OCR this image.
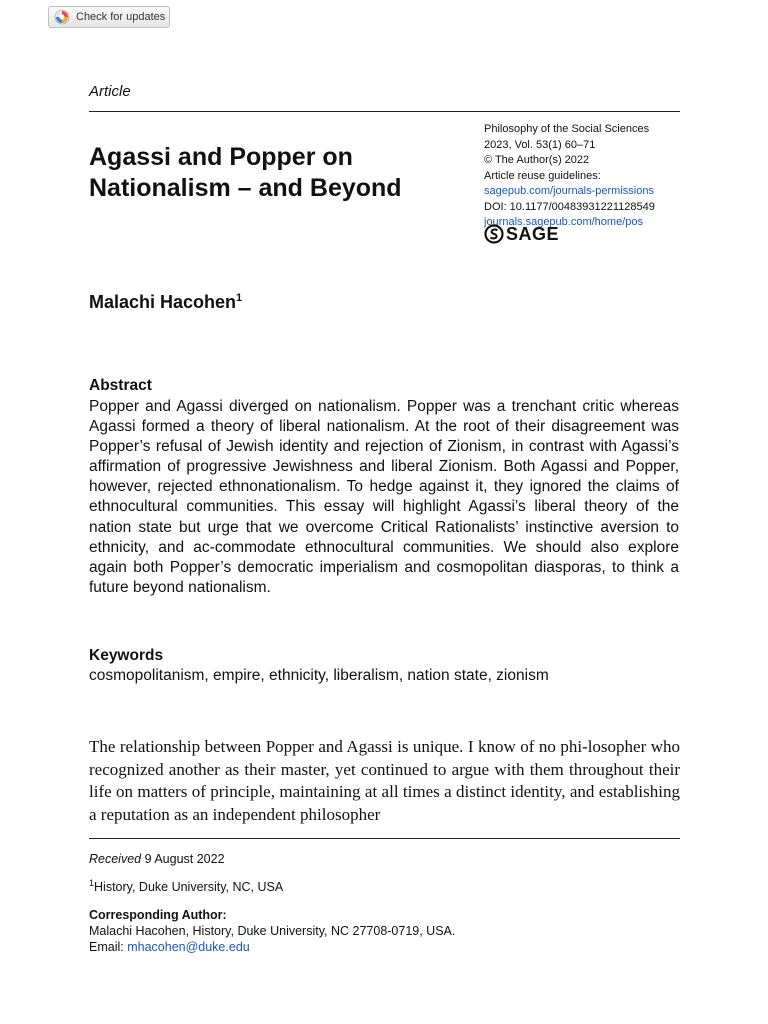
Check for updates
Article
Agassi and Popper on Nationalism – and Beyond
Philosophy of the Social Sciences
2023, Vol. 53(1) 60–71
© The Author(s) 2022
Article reuse guidelines:
sagepub.com/journals-permissions
DOI: 10.1177/00483931221128549
journals.sagepub.com/home/pos
SAGE
Malachi Hacohen$^1$
Abstract
Popper and Agassi diverged on nationalism. Popper was a trenchant critic whereas Agassi formed a theory of liberal nationalism. At the root of their disagreement was Popper’s refusal of Jewish identity and rejection of Zionism, in contrast with Agassi’s affirmation of progressive Jewishness and liberal Zionism. Both Agassi and Popper, however, rejected ethnonationalism. To hedge against it, they ignored the claims of ethnocultural communities. This essay will highlight Agassi’s liberal theory of the nation state but urge that we overcome Critical Rationalists’ instinctive aversion to ethnicity, and ac-commodate ethnocultural communities. We should also explore again both Popper’s democratic imperialism and cosmopolitan diasporas, to think a future beyond nationalism.
Keywords
cosmopolitanism, empire, ethnicity, liberalism, nation state, zionism
The relationship between Popper and Agassi is unique. I know of no phi-losopher who recognized another as their master, yet continued to argue with them throughout their life on matters of principle, maintaining at all times a distinct identity, and establishing a reputation as an independent philosopher
Received 9 August 2022
$^1$History, Duke University, NC, USA
Corresponding Author:
Malachi Hacohen, History, Duke University, NC 27708-0719, USA.
Email: mhacohen@duke.edu
